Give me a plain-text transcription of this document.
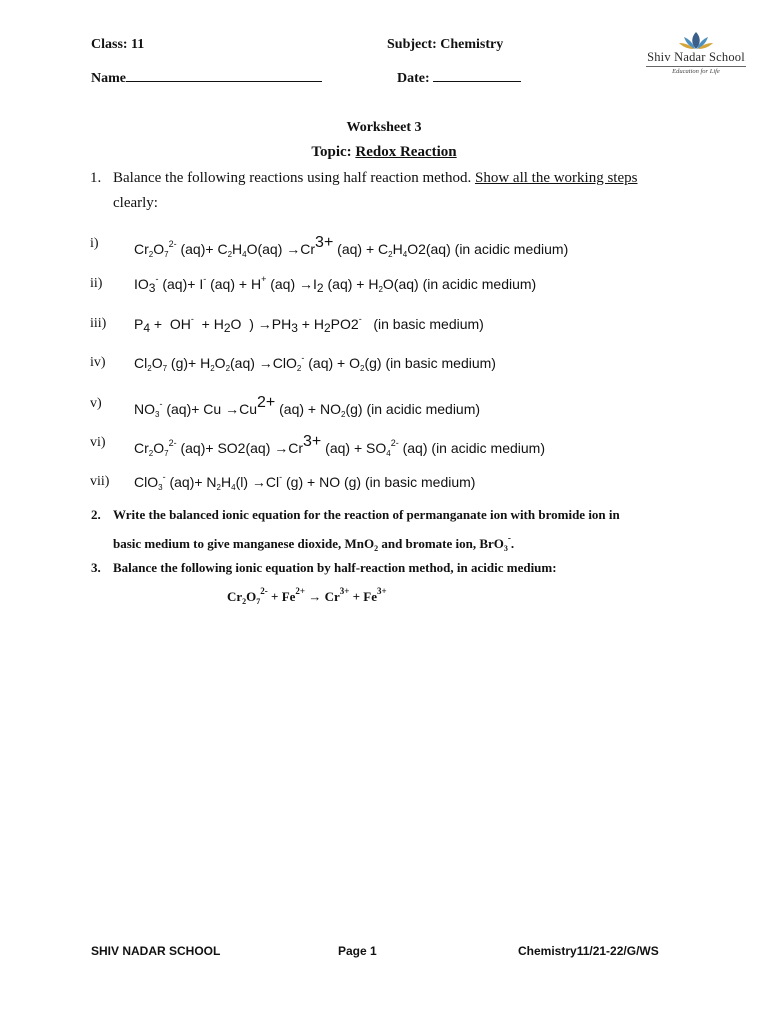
Class: 11	Subject: Chemistry
Name	Date:
Shiv Nadar School
Education for Life
Worksheet 3
Topic: Redox Reaction
1. Balance the following reactions using half reaction method. Show all the working steps
clearly:
i)	$Cr_2O_7^{2-}$ $(aq)+ C_2H_4O(aq) \to Cr^{3+}$ $(aq) + C_2H_4O2(aq)$ (in acidic medium)
ii) $IO_3^-$ (aq)+ I- (aq) + H+ $(aq) \to I_2$ $(aq) + H_2O(aq)$ (in acidic medium)
iii) $P_4 + OH^- + H_2O$  ) $\to PH_3 + H_2PO2^-$ (in basic medium)
iv) $Cl_2O_7$ $(g)+ H_2O_2(aq) \to ClO_2^-$ $(aq) + O_2(g)$ (in basic medium)
v) $NO_3^-$ $(aq)+ Cu \to Cu^{2+}$ $(aq) + NO_2(g)$ (in acidic medium)
vi) $Cr_2O_7^{2-}$ $(aq)+ SO2(aq) \to Cr^{3+}$ $(aq) + SO_4^{2-}$ (aq) (in acidic medium)
vii) ClO$_3$- $(aq)+ N_2H_4(l) \to Cl^-$ (g) + NO (g) (in basic medium)
2. Write the balanced ionic equation for the reaction of permanganate ion with bromide ion in
basic medium to give manganese dioxide, MnO$_2$ and bromate ion, BrO$_3$-.
3. Balance the following ionic equation by half-reaction method, in acidic medium:
$Cr_2O_7^{2-} + Fe^{2+} \to Cr^{3+} + Fe^{3+}$
SHIV NADAR SCHOOL	Page 1	Chemistry11/21-22/G/WS
